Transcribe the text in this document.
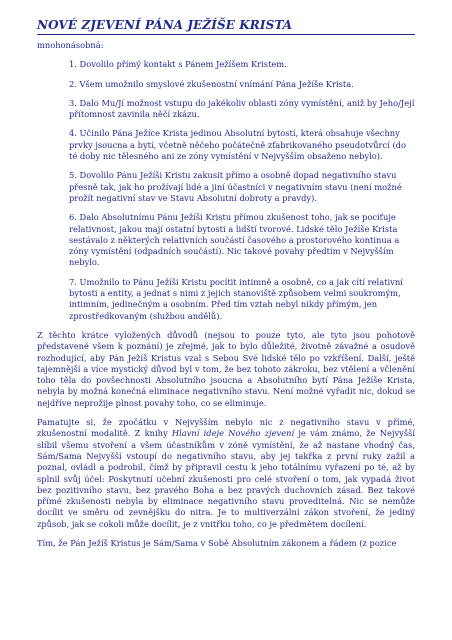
NOVÉ ZJEVENÍ PÁNA JEŽÍŠE KRISTA

mnohonásobná:

1. Dovolilo přímý kontakt s Pánem Ježíšem Kristem.
2. Všem umožnilo smyslové zkušenostní vnímání Pána Ježíše Krista.
3. Dalo Mu/Jí možnost vstupu do jakékoliv oblasti zóny vymístění, aniž by Jeho/Její přítomnost zavinila něčí zkázu.
4. Učinilo Pána Ježíce Krista jedinou Absolutní bytostí, která obsahuje všechny prvky jsoucna a bytí, včetně něčeho počátečně zfabrikovaného pseudotvůrcí (do té doby nic tělesného ani ze zóny vymístění v Nejvyšším obsaženo nebylo).
5. Dovolilo Pánu Ježíši Kristu zakusit přímo a osobně dopad negativního stavu přesně tak, jak ho prožívají lidé a jiní účastníci v negativním stavu (není možné prožít negativní stav ve Stavu Absolutní dobroty a pravdy).
6. Dalo Absolutnímu Pánu Ježíši Kristu přímou zkušenost toho, jak se pociťuje relativnost, jakou mají ostatní bytosti a lidští tvorové. Lidské tělo Ježíše Krista sestávalo z některých relativních součástí časového a prostorového kontinua a zóny vymístění (odpadních součástí). Nic takové povahy předtím v Nejvyšším nebylo.
7. Umožnilo to Pánu Ježíši Kristu pocítit intimně a osobně, co a jak cítí relativní bytosti a entity, a jednat s nimi z jejich stanoviště způsobem velmi soukromým, intimním, jedinečným a osobním. Před tím vztah nebyl nikdy přímým, jen zprostředkovaným (službou andělů).

Z těchto krátce vyložených důvodů (nejsou to pouze tyto, ale tyto jsou pohotově představené všem k poznání) je zřejmé, jak to bylo důležité, životně závažné a osudově rozhodující, aby Pán Ježíš Kristus vzal s Sebou Své lidské tělo po vzkříšení. Další, ještě tajemnější a více mystický důvod byl v tom, že bez tohoto zákroku, bez vtělení a včlenění toho těla do povšechnosti Absolutního jsoucna a Absolutního bytí Pána Ježíše Krista, nebyla by možná konečná eliminace negativního stavu. Není možné vyřadit nic, dokud se nejdříve neprožije plnost povahy toho, co se eliminuje.

Pamatujte si, že zpočátku v Nejvyšším nebylo nic z negativního stavu v přímé, zkušenostní modalitě. Z knihy Hlavní ideje Nového zjevení je vám známo, že Nejvyšší slíbil všemu stvoření a všem účastníkům v zóně vymístění, že až nastane vhodný čas, Sám/Sama Nejvyšší vstoupí do negativního stavu, aby jej takřka z první ruky zažil a poznal, ovládl a podrobil, čímž by připravil cestu k jeho totálnímu vyřazení po té, až by splnil svůj účel: Poskytnutí učební zkušenosti pro celé stvoření o tom, jak vypadá život bez pozitivního stavu, bez pravého Boha a bez pravých duchovních zásad. Bez takové přímé zkušenosti nebyla by eliminace negativního stavu proveditelná. Nic se nemůže docílit ve směru od zevnějšku do nitra. Je to multiverzální zákon stvoření, že jediný způsob, jak se cokoli může docílit, je z vnitřku toho, co je předmětem docílení.

Tím, že Pán Ježíš Kristus je Sám/Sama v Sobě Absolutním zákonem a řádem (z pozice
